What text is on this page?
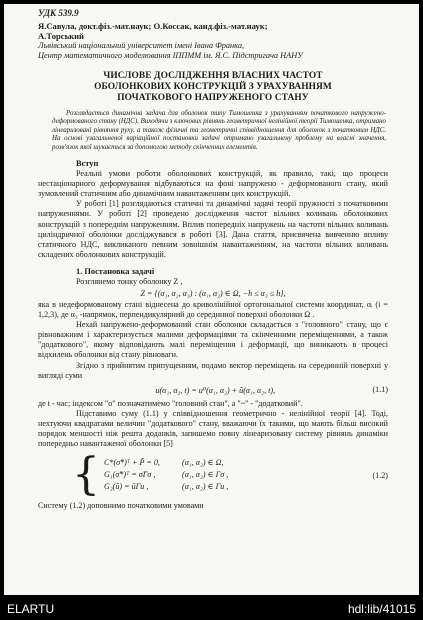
УДК 539.9
Я.Савула, докт.фіз.-мат.наук; О.Коссак, канд.фіз.-мат.наук;
А.Торський
Львівський національний університет імені Івана Франка,
Центр математичного моделювання ІППММ ім. Я.С. Підстригача НАНУ
ЧИСЛОВЕ ДОСЛІДЖЕННЯ ВЛАСНИХ ЧАСТОТ
ОБОЛОНКОВИХ КОНСТРУКЦІЙ З УРАХУВАННЯМ
ПОЧАТКОВОГО НАПРУЖЕНОГО СТАНУ

Розглядається динамічна задача для оболонок типу Тимошенка з урахуванням початкового напружено-деформованого стану (НДС). Виходячи з ключових рівнянь геометричної нелінійної теорії Тимошенка, отримано лінеаризовані рівняння руху, а також фізичні та геометричні співвідношення для оболонок з початковим НДС. На основі узагальненої варіаційної постановки задачі отримано узагальнену проблему на власні значення, розв'язок якої шукається за допомогою методу скінченних елементів.

Вступ

Реальні умови роботи оболонкових конструкцій, як правило, такі, що процеси нестаціонарного деформування відбуваються на фоні напружено - деформованого стану, який зумовлений статичним або динамічним навантаженням цих конструкцій.

У роботі [1] розглядаються статичні та динамічні задачі теорії пружності з початковими напруженнями. У роботі [2] проведено дослідження частот вільних коливань оболонкових конструкцій з попереднім напруженням. Вплив попередніх напружень на частоти вільних коливань циліндричної оболонки досліджувався в роботі [3]. Дана стаття, присвячена вивченню впливу статичного НДС, викликаного певним зовнішнім навантаженням, на частоти вільних коливань складених оболонкових конструкцій.

1. Постановка задачі

Розглянемо тонку оболонку Z ,

Z = {(α₁, α₂, α₃) : (α₁, α₂) ∈ Ω, −h ≤ α₃ ≤ h},

яка в недеформованому стані віднесена до криволінійної ортогональної системи координат, αᵢ (i = 1,2,3), де α₃ -напрямок, перпендикулярний до серединної поверхні оболонки Ω .

Нехай напружено-деформований стан оболонки складається з "головного" стану, що є рівноважним і характеризується малими деформаціями та скінченними переміщеннями, а також "додаткового", якому відповідають малі переміщення і деформації, що виникають в процесі відхилень оболонки від стану рівноваги.

Згідно з прийнятим припущенням, подамо вектор переміщень на серединній поверхні у вигляді суми

u(α₁, α₂, t) = u⁰(α₁, α₂) + ũ(α₁, α₂, t),	(1.1)

де t - час; індексом "о" позначатимемо "головний стан", а "~" - "додатковий".

Підставимо суму (1.1) у співвідношення геометрично - нелінійної теорії [4]. Тоді, нехтуючи квадратами величин "додаткового" стану, вважаючи їх такими, що мають більш високий порядок меншості ніж решта доданків, запишемо повну лінеаризовану систему рівнянь динаміки попередньо навантаженої оболонки [5]

{ C*(σ̃*)ᵀ + P̃ = 0,	(α₁, α₂) ∈ Ω,
G₁(σ̃*)ᵀ = σ̃Γσ ,	(α₁, α₂) ∈ Γσ ,
G₂(ũ) = ũΓu ,	(α₁, α₂) ∈ Γu ,
(1.2)
Систему (1.2) доповнимо початковими умовами
ELARTU	hdl:lib/41015
